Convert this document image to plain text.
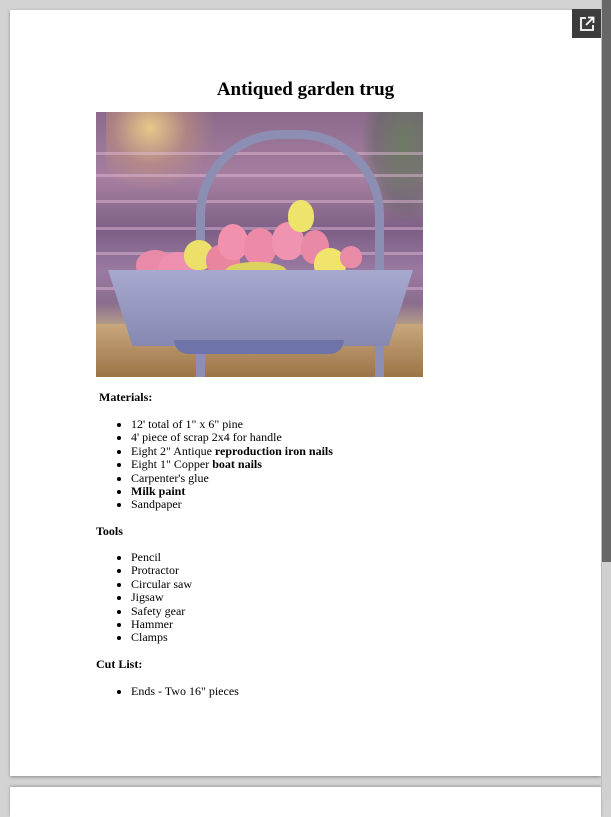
Antiqued garden trug
Materials:
• 12' total of 1" x 6" pine
• 4' piece of scrap 2x4 for handle
• Eight 2" Antique reproduction iron nails
• Eight 1" Copper boat nails
• Carpenter's glue
• Milk paint
• Sandpaper
Tools
• Pencil
• Protractor
• Circular saw
• Jigsaw
• Safety gear
• Hammer
• Clamps
Cut List:
• Ends - Two 16" pieces
